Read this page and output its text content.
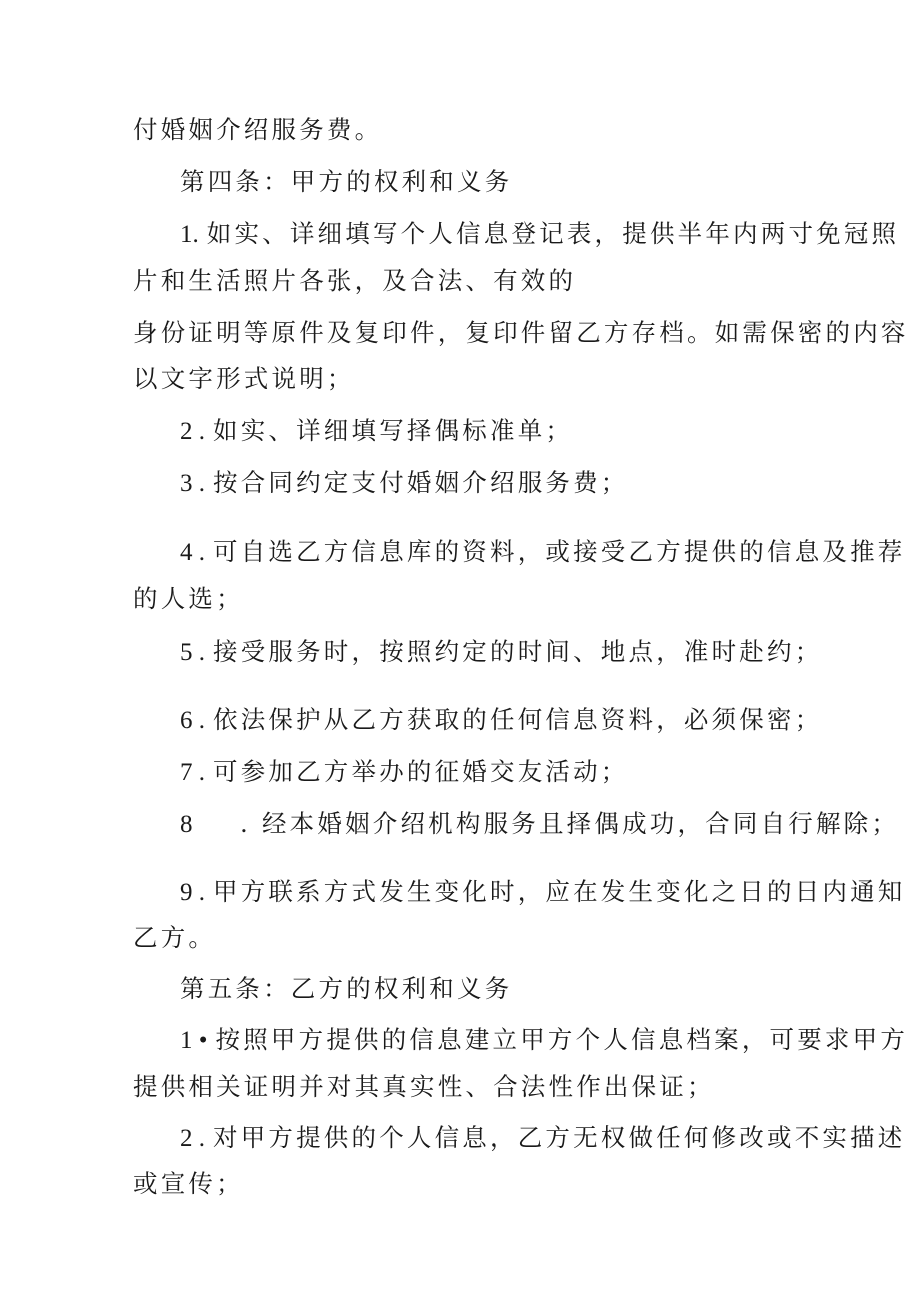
付婚姻介绍服务费。
第四条：甲方的权利和义务
1. 如实、详细填写个人信息登记表，提供半年内两寸免冠照
片和生活照片各张，及合法、有效的
身份证明等原件及复印件，复印件留乙方存档。如需保密的内容
以文字形式说明；
2 . 如实、详细填写择偶标准单；
3 . 按合同约定支付婚姻介绍服务费；
4 . 可自选乙方信息库的资料，或接受乙方提供的信息及推荐
的人选；
5 . 接受服务时，按照约定的时间、地点，准时赴约；
6 . 依法保护从乙方获取的任何信息资料，必须保密；
7 . 可参加乙方举办的征婚交友活动；
8 . 经本婚姻介绍机构服务且择偶成功，合同自行解除；
9 . 甲方联系方式发生变化时，应在发生变化之日的日内通知
乙方。
第五条：乙方的权利和义务
1 • 按照甲方提供的信息建立甲方个人信息档案，可要求甲方
提供相关证明并对其真实性、合法性作出保证；
2 . 对甲方提供的个人信息，乙方无权做任何修改或不实描述
或宣传；
